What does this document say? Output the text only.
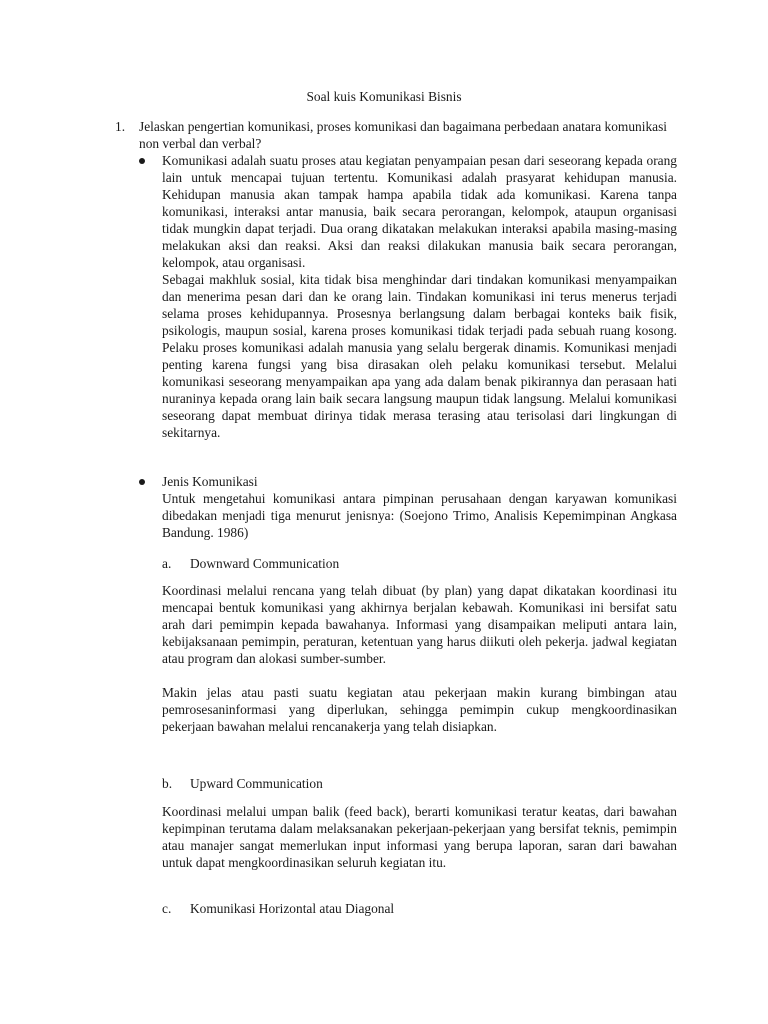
Soal kuis Komunikasi Bisnis
1. Jelaskan pengertian komunikasi, proses komunikasi dan bagaimana perbedaan anatara komunikasi non verbal dan verbal?
Komunikasi adalah suatu proses atau kegiatan penyampaian pesan dari seseorang kepada orang lain untuk mencapai tujuan tertentu. Komunikasi adalah prasyarat kehidupan manusia. Kehidupan manusia akan tampak hampa apabila tidak ada komunikasi. Karena tanpa komunikasi, interaksi antar manusia, baik secara perorangan, kelompok, ataupun organisasi tidak mungkin dapat terjadi. Dua orang dikatakan melakukan interaksi apabila masing-masing melakukan aksi dan reaksi. Aksi dan reaksi dilakukan manusia baik secara perorangan, kelompok, atau organisasi.
Sebagai makhluk sosial, kita tidak bisa menghindar dari tindakan komunikasi menyampaikan dan menerima pesan dari dan ke orang lain. Tindakan komunikasi ini terus menerus terjadi selama proses kehidupannya. Prosesnya berlangsung dalam berbagai konteks baik fisik, psikologis, maupun sosial, karena proses komunikasi tidak terjadi pada sebuah ruang kosong. Pelaku proses komunikasi adalah manusia yang selalu bergerak dinamis. Komunikasi menjadi penting karena fungsi yang bisa dirasakan oleh pelaku komunikasi tersebut. Melalui komunikasi seseorang menyampaikan apa yang ada dalam benak pikirannya dan perasaan hati nuraninya kepada orang lain baik secara langsung maupun tidak langsung. Melalui komunikasi seseorang dapat membuat dirinya tidak merasa terasing atau terisolasi dari lingkungan di sekitarnya.
Jenis Komunikasi
Untuk mengetahui komunikasi antara pimpinan perusahaan dengan karyawan komunikasi dibedakan menjadi tiga menurut jenisnya: (Soejono Trimo, Analisis Kepemimpinan Angkasa Bandung. 1986)
a. Downward Communication
Koordinasi melalui rencana yang telah dibuat (by plan) yang dapat dikatakan koordinasi itu mencapai bentuk komunikasi yang akhirnya berjalan kebawah. Komunikasi ini bersifat satu arah dari pemimpin kepada bawahanya. Informasi yang disampaikan meliputi antara lain, kebijaksanaan pemimpin, peraturan, ketentuan yang harus diikuti oleh pekerja. jadwal kegiatan atau program dan alokasi sumber-sumber.
Makin jelas atau pasti suatu kegiatan atau pekerjaan makin kurang bimbingan atau pemrosesaninformasi yang diperlukan, sehingga pemimpin cukup mengkoordinasikan pekerjaan bawahan melalui rencanakerja yang telah disiapkan.
b. Upward Communication
Koordinasi melalui umpan balik (feed back), berarti komunikasi teratur keatas, dari bawahan kepimpinan terutama dalam melaksanakan pekerjaan-pekerjaan yang bersifat teknis, pemimpin atau manajer sangat memerlukan input informasi yang berupa laporan, saran dari bawahan untuk dapat mengkoordinasikan seluruh kegiatan itu.
c. Komunikasi Horizontal atau Diagonal
